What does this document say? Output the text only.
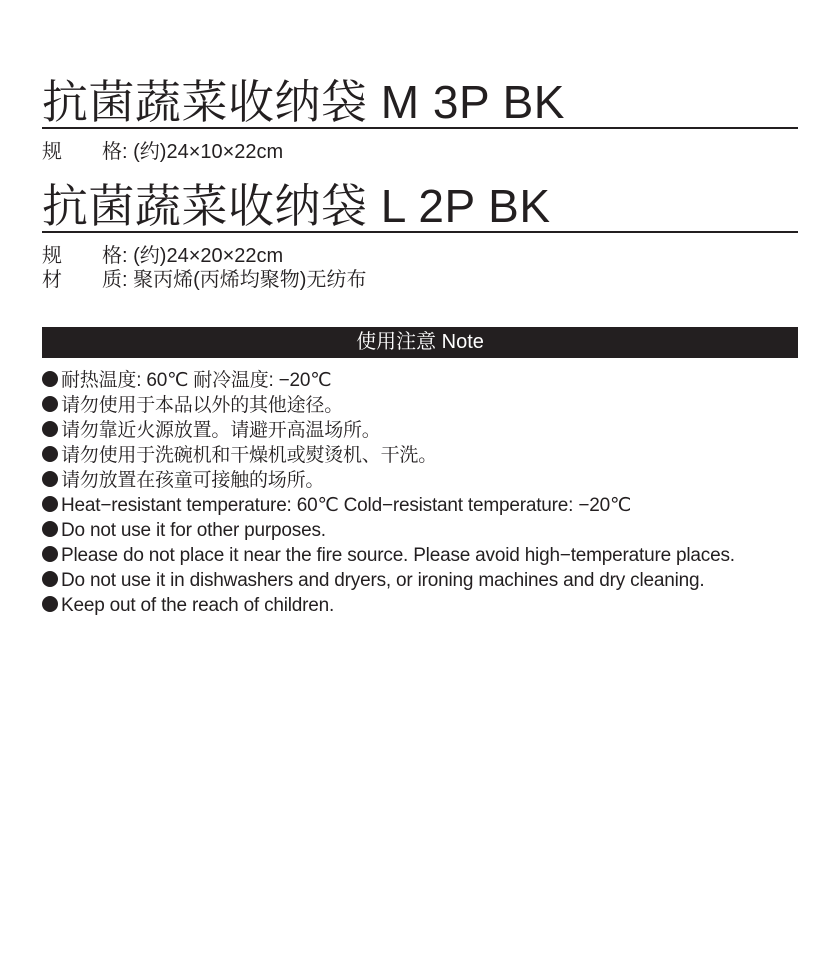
抗菌蔬菜收纳袋 M 3P BK
规 格: (约)24×10×22cm
抗菌蔬菜收纳袋 L 2P BK
规 格: (约)24×20×22cm
材 质: 聚丙烯(丙烯均聚物)无纺布
使用注意 Note
耐热温度: 60℃ 耐冷温度: −20℃
请勿使用于本品以外的其他途径。
请勿靠近火源放置。请避开高温场所。
请勿使用于洗碗机和干燥机或熨烫机、干洗。
请勿放置在孩童可接触的场所。
Heat−resistant temperature: 60℃ Cold−resistant temperature: −20℃
Do not use it for other purposes.
Please do not place it near the fire source. Please avoid high−temperature places.
Do not use it in dishwashers and dryers, or ironing machines and dry cleaning.
Keep out of the reach of children.
